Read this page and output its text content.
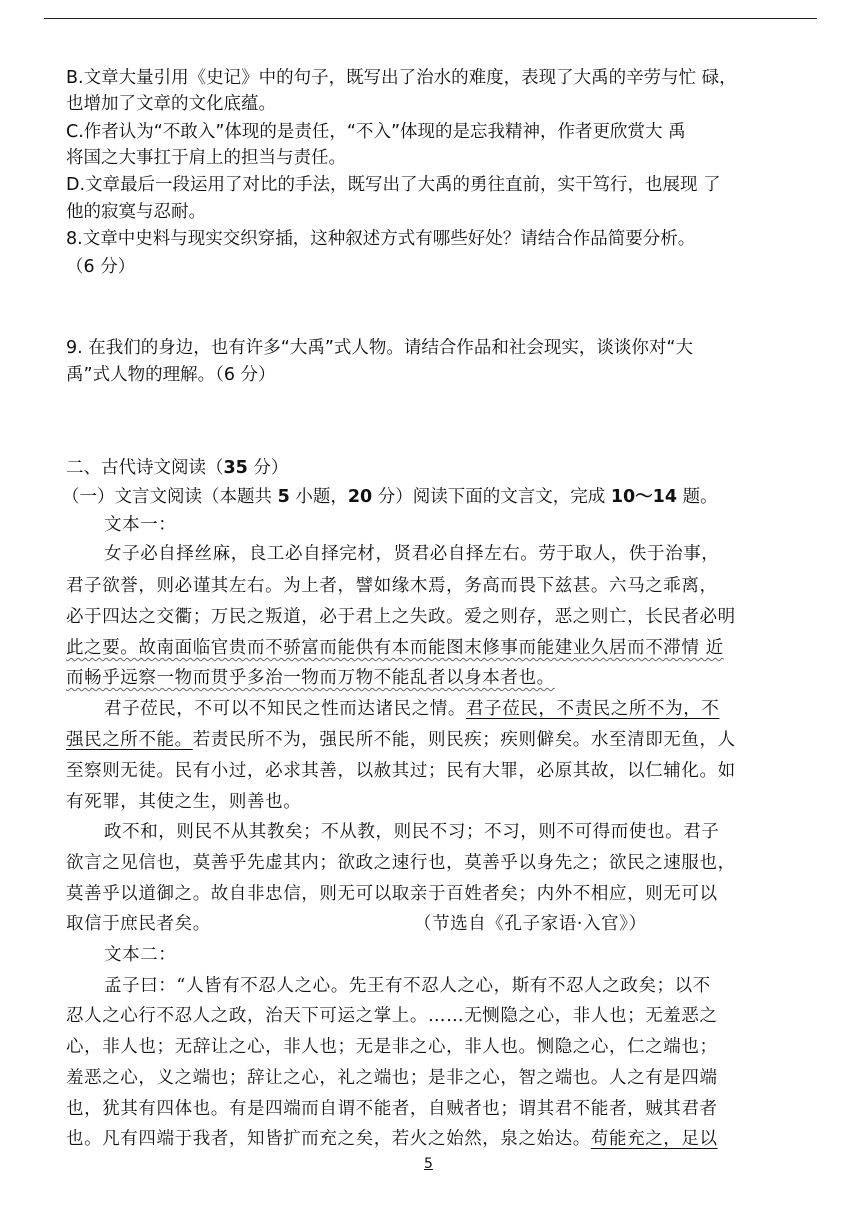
B.文章大量引用《史记》中的句子，既写出了治水的难度，表现了大禹的辛劳与忙 碌，
也增加了文章的文化底蕴。
C.作者认为“不敢入”体现的是责任，“不入”体现的是忘我精神，作者更欣赏大 禹
将国之大事扛于肩上的担当与责任。
D.文章最后一段运用了对比的手法，既写出了大禹的勇往直前，实干笃行，也展现 了
他的寂寞与忍耐。
8.文章中史料与现实交织穿插，这种叙述方式有哪些好处？请结合作品简要分析。
（6 分）
9. 在我们的身边，也有许多“大禹”式人物。请结合作品和社会现实，谈谈你对“大
禹”式人物的理解。（6 分）
二、古代诗文阅读（35 分）
（一）文言文阅读（本题共 5 小题，20 分）阅读下面的文言文，完成 10～14 题。
文本一：
女子必自择丝麻，良工必自择完材，贤君必自择左右。劳于取人，佚于治事，
君子欲誉，则必谨其左右。为上者，譬如缘木焉，务高而畏下兹甚。六马之乖离，
必于四达之交衢；万民之叛道，必于君上之失政。爱之则存，恶之则亡，长民者必明
此之要。故南面临官贵而不骄富而能供有本而能图末修事而能建业久居而不滞情 近
而畅乎远察一物而贯乎多治一物而万物不能乱者以身本者也。
君子莅民，不可以不知民之性而达诸民之情。君子莅民，不责民之所不为，不
强民之所不能。若责民所不为，强民所不能，则民疾；疾则僻矣。水至清即无鱼，人
至察则无徒。民有小过，必求其善，以赦其过；民有大罪，必原其故，以仁辅化。如
有死罪，其使之生，则善也。
政不和，则民不从其教矣；不从教，则民不习；不习，则不可得而使也。君子
欲言之见信也，莫善乎先虚其内；欲政之速行也，莫善乎以身先之；欲民之速服也，
莫善乎以道御之。故自非忠信，则无可以取亲于百姓者矣；内外不相应，则无可以
取信于庶民者矣。	（节选自《孔子家语·入官》）
文本二：
孟子曰：“人皆有不忍人之心。先王有不忍人之心，斯有不忍人之政矣；以不
忍人之心行不忍人之政，治天下可运之掌上。……无恻隐之心，非人也；无羞恶之
心，非人也；无辞让之心，非人也；无是非之心，非人也。恻隐之心，仁之端也；
羞恶之心，义之端也；辞让之心，礼之端也；是非之心，智之端也。人之有是四端
也，犹其有四体也。有是四端而自谓不能者，自贼者也；谓其君不能者，贼其君者
也。凡有四端于我者，知皆扩而充之矣，若火之始然，泉之始达。苟能充之，足以
5
